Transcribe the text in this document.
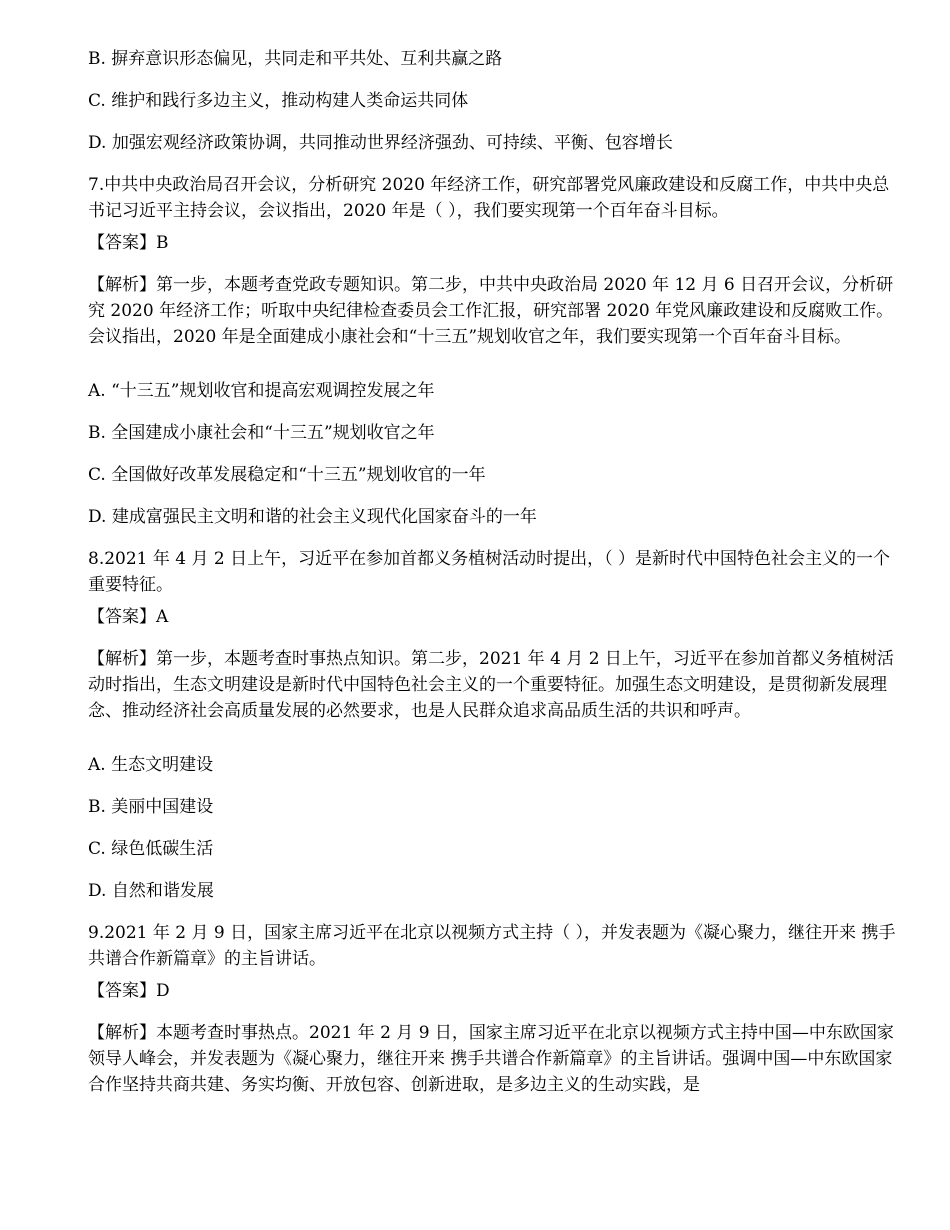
B. 摒弃意识形态偏见，共同走和平共处、互利共赢之路

C. 维护和践行多边主义，推动构建人类命运共同体

D. 加强宏观经济政策协调，共同推动世界经济强劲、可持续、平衡、包容增长

7.中共中央政治局召开会议，分析研究 2020 年经济工作，研究部署党风廉政建设和反腐工作，中共中央总书记习近平主持会议，会议指出，2020 年是（ ），我们要实现第一个百年奋斗目标。

【答案】B

【解析】第一步，本题考查党政专题知识。第二步，中共中央政治局 2020 年 12 月 6 日召开会议，分析研究 2020 年经济工作；听取中央纪律检查委员会工作汇报，研究部署 2020 年党风廉政建设和反腐败工作。会议指出，2020 年是全面建成小康社会和“十三五”规划收官之年，我们要实现第一个百年奋斗目标。

A. “十三五”规划收官和提高宏观调控发展之年

B. 全国建成小康社会和“十三五”规划收官之年

C. 全国做好改革发展稳定和“十三五”规划收官的一年

D. 建成富强民主文明和谐的社会主义现代化国家奋斗的一年

8.2021 年 4 月 2 日上午，习近平在参加首都义务植树活动时提出，（ ）是新时代中国特色社会主义的一个重要特征。

【答案】A

【解析】第一步，本题考查时事热点知识。第二步，2021 年 4 月 2 日上午，习近平在参加首都义务植树活动时指出，生态文明建设是新时代中国特色社会主义的一个重要特征。加强生态文明建设，是贯彻新发展理念、推动经济社会高质量发展的必然要求，也是人民群众追求高品质生活的共识和呼声。

A. 生态文明建设

B. 美丽中国建设

C. 绿色低碳生活

D. 自然和谐发展

9.2021 年 2 月 9 日，国家主席习近平在北京以视频方式主持（ ），并发表题为《凝心聚力，继往开来 携手共谱合作新篇章》的主旨讲话。

【答案】D

【解析】本题考查时事热点。2021 年 2 月 9 日，国家主席习近平在北京以视频方式主持中国—中东欧国家领导人峰会，并发表题为《凝心聚力，继往开来 携手共谱合作新篇章》的主旨讲话。强调中国—中东欧国家合作坚持共商共建、务实均衡、开放包容、创新进取，是多边主义的生动实践，是
